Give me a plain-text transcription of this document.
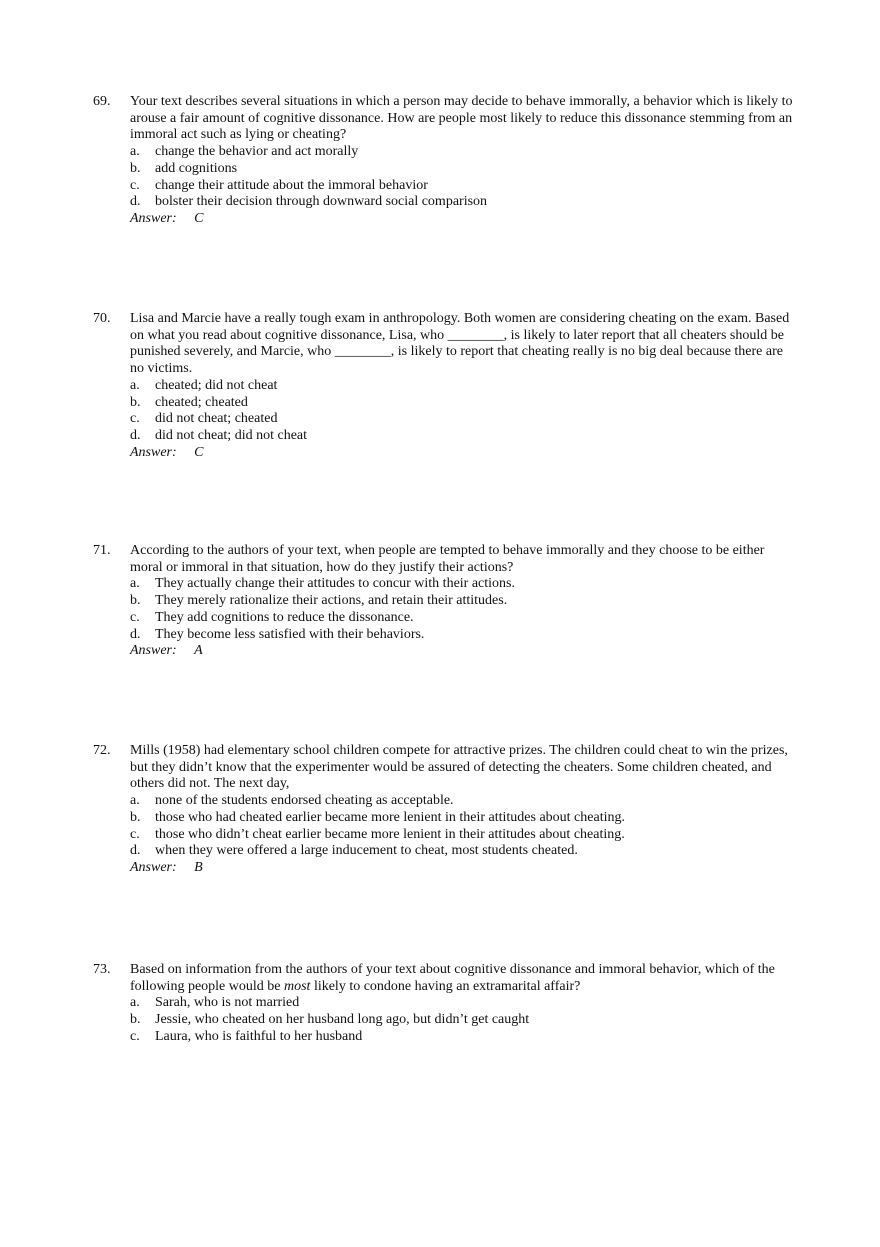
69. Your text describes several situations in which a person may decide to behave immorally, a behavior which is likely to arouse a fair amount of cognitive dissonance. How are people most likely to reduce this dissonance stemming from an immoral act such as lying or cheating?
a. change the behavior and act morally
b. add cognitions
c. change their attitude about the immoral behavior
d. bolster their decision through downward social comparison
Answer: C
70. Lisa and Marcie have a really tough exam in anthropology. Both women are considering cheating on the exam. Based on what you read about cognitive dissonance, Lisa, who ________, is likely to later report that all cheaters should be punished severely, and Marcie, who ________, is likely to report that cheating really is no big deal because there are no victims.
a. cheated; did not cheat
b. cheated; cheated
c. did not cheat; cheated
d. did not cheat; did not cheat
Answer: C
71. According to the authors of your text, when people are tempted to behave immorally and they choose to be either moral or immoral in that situation, how do they justify their actions?
a. They actually change their attitudes to concur with their actions.
b. They merely rationalize their actions, and retain their attitudes.
c. They add cognitions to reduce the dissonance.
d. They become less satisfied with their behaviors.
Answer: A
72. Mills (1958) had elementary school children compete for attractive prizes. The children could cheat to win the prizes, but they didn’t know that the experimenter would be assured of detecting the cheaters. Some children cheated, and others did not. The next day,
a. none of the students endorsed cheating as acceptable.
b. those who had cheated earlier became more lenient in their attitudes about cheating.
c. those who didn’t cheat earlier became more lenient in their attitudes about cheating.
d. when they were offered a large inducement to cheat, most students cheated.
Answer: B
73. Based on information from the authors of your text about cognitive dissonance and immoral behavior, which of the following people would be most likely to condone having an extramarital affair?
a. Sarah, who is not married
b. Jessie, who cheated on her husband long ago, but didn’t get caught
c. Laura, who is faithful to her husband
